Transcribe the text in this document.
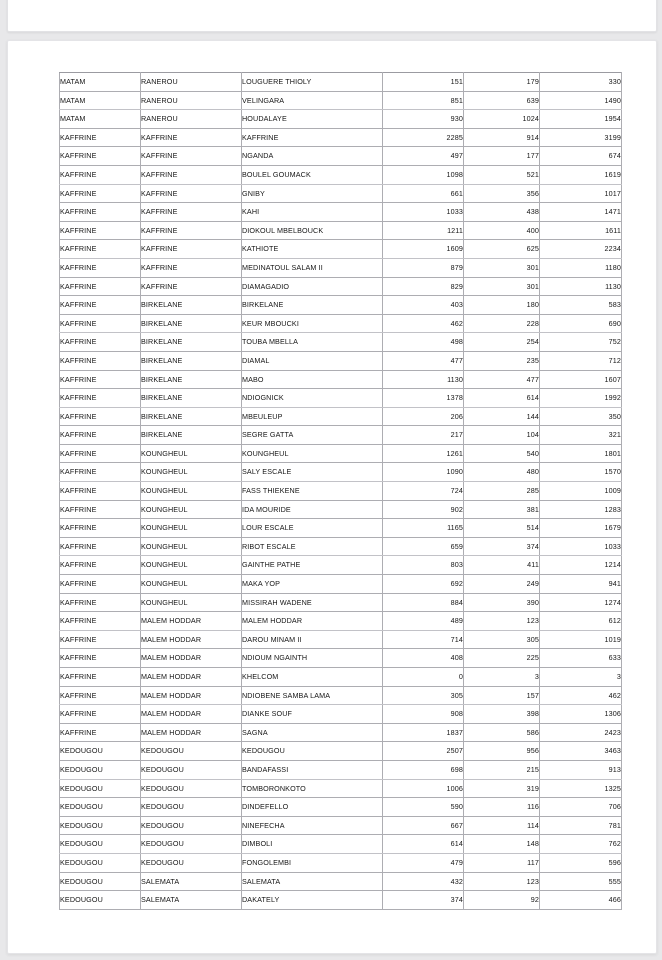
MATAM	RANEROU	LOUGUERE THIOLY	151	179	330
MATAM	RANEROU	VELINGARA	851	639	1490
MATAM	RANEROU	HOUDALAYE	930	1024	1954
KAFFRINE	KAFFRINE	KAFFRINE	2285	914	3199
KAFFRINE	KAFFRINE	NGANDA	497	177	674
KAFFRINE	KAFFRINE	BOULEL GOUMACK	1098	521	1619
KAFFRINE	KAFFRINE	GNIBY	661	356	1017
KAFFRINE	KAFFRINE	KAHI	1033	438	1471
KAFFRINE	KAFFRINE	DIOKOUL MBELBOUCK	1211	400	1611
KAFFRINE	KAFFRINE	KATHIOTE	1609	625	2234
KAFFRINE	KAFFRINE	MEDINATOUL SALAM II	879	301	1180
KAFFRINE	KAFFRINE	DIAMAGADIO	829	301	1130
KAFFRINE	BIRKELANE	BIRKELANE	403	180	583
KAFFRINE	BIRKELANE	KEUR MBOUCKI	462	228	690
KAFFRINE	BIRKELANE	TOUBA MBELLA	498	254	752
KAFFRINE	BIRKELANE	DIAMAL	477	235	712
KAFFRINE	BIRKELANE	MABO	1130	477	1607
KAFFRINE	BIRKELANE	NDIOGNICK	1378	614	1992
KAFFRINE	BIRKELANE	MBEULEUP	206	144	350
KAFFRINE	BIRKELANE	SEGRE GATTA	217	104	321
KAFFRINE	KOUNGHEUL	KOUNGHEUL	1261	540	1801
KAFFRINE	KOUNGHEUL	SALY ESCALE	1090	480	1570
KAFFRINE	KOUNGHEUL	FASS THIEKENE	724	285	1009
KAFFRINE	KOUNGHEUL	IDA MOURIDE	902	381	1283
KAFFRINE	KOUNGHEUL	LOUR ESCALE	1165	514	1679
KAFFRINE	KOUNGHEUL	RIBOT ESCALE	659	374	1033
KAFFRINE	KOUNGHEUL	GAINTHE PATHE	803	411	1214
KAFFRINE	KOUNGHEUL	MAKA YOP	692	249	941
KAFFRINE	KOUNGHEUL	MISSIRAH WADENE	884	390	1274
KAFFRINE	MALEM HODDAR	MALEM HODDAR	489	123	612
KAFFRINE	MALEM HODDAR	DAROU MINAM II	714	305	1019
KAFFRINE	MALEM HODDAR	NDIOUM NGAINTH	408	225	633
KAFFRINE	MALEM HODDAR	KHELCOM	0	3	3
KAFFRINE	MALEM HODDAR	NDIOBENE SAMBA LAMA	305	157	462
KAFFRINE	MALEM HODDAR	DIANKE SOUF	908	398	1306
KAFFRINE	MALEM HODDAR	SAGNA	1837	586	2423
KEDOUGOU	KEDOUGOU	KEDOUGOU	2507	956	3463
KEDOUGOU	KEDOUGOU	BANDAFASSI	698	215	913
KEDOUGOU	KEDOUGOU	TOMBORONKOTO	1006	319	1325
KEDOUGOU	KEDOUGOU	DINDEFELLO	590	116	706
KEDOUGOU	KEDOUGOU	NINEFECHA	667	114	781
KEDOUGOU	KEDOUGOU	DIMBOLI	614	148	762
KEDOUGOU	KEDOUGOU	FONGOLEMBI	479	117	596
KEDOUGOU	SALEMATA	SALEMATA	432	123	555
KEDOUGOU	SALEMATA	DAKATELY	374	92	466
